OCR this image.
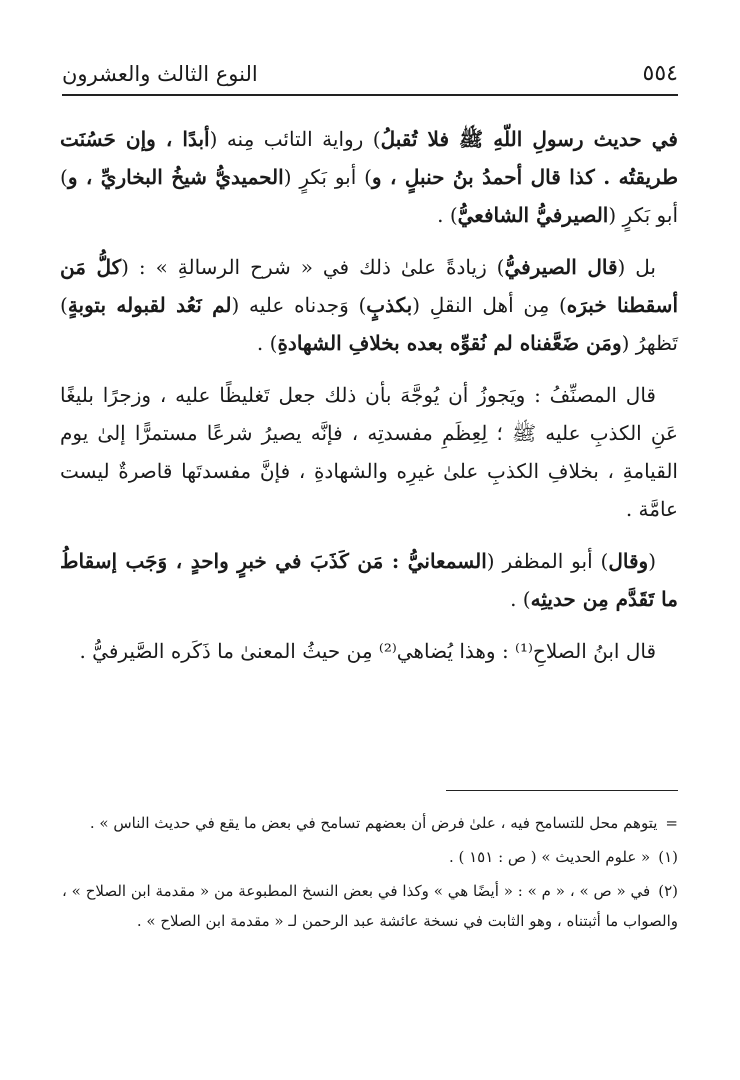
٥٥٤
النوع الثالث والعشرون

في حديث رسولِ اللّهِ ﷺ فلا تُقبلُ) رواية التائب مِنه (أبدًا ، وإن حَسُنَت طريقتُه . كذا قال أحمدُ بنُ حنبلٍ ، و) أبو بَكرٍ (الحميديُّ شيخُ البخاريِّ ، و) أبو بَكرٍ (الصيرفيُّ الشافعيُّ) .

بل (قال الصيرفيُّ) زيادةً علىٰ ذلك في « شرح الرسالةِ » : (كلُّ مَن أسقطنا خبرَه) مِن أهل النقلِ (بكذبٍ) وَجدناه عليه (لم نَعُد لقبوله بتوبةٍ) تَظهرُ (ومَن ضَعَّفناه لم نُقوِّه بعده بخلافِ الشهادةِ) .

قال المصنِّفُ : ويَجوزُ أن يُوجَّهَ بأن ذلك جعل تَغليظًا عليه ، وزجرًا بليغًا عَنِ الكذبِ عليه ﷺ ؛ لِعِظَمِ مفسدتِه ، فإنَّه يصيرُ شرعًا مستمرًّا إلىٰ يوم القيامةِ ، بخلافِ الكذبِ علىٰ غيرِه والشهادةِ ، فإنَّ مفسدتَها قاصرةٌ ليست عامَّة .

(وقال) أبو المظفر (السمعانيُّ : مَن كَذَبَ في خبرٍ واحدٍ ، وَجَب إسقاطُ ما تَقَدَّم مِن حديثِه) .

قال ابنُ الصلاحِ⁽¹⁾ : وهذا يُضاهي⁽²⁾ مِن حيثُ المعنىٰ ما ذَكَره الصَّيرفيُّ .

=يتوهم محل للتسامح فيه ، علىٰ فرض أن بعضهم تسامح في بعض ما يقع في حديث الناس » .

(١)« علوم الحديث » ( ص : ١٥١ ) .

(٢)في « ص » ، « م » : « أيضًا هي » وكذا في بعض النسخ المطبوعة من « مقدمة ابن الصلاح » ، والصواب ما أثبتناه ، وهو الثابت في نسخة عائشة عبد الرحمن لـ « مقدمة ابن الصلاح » .
